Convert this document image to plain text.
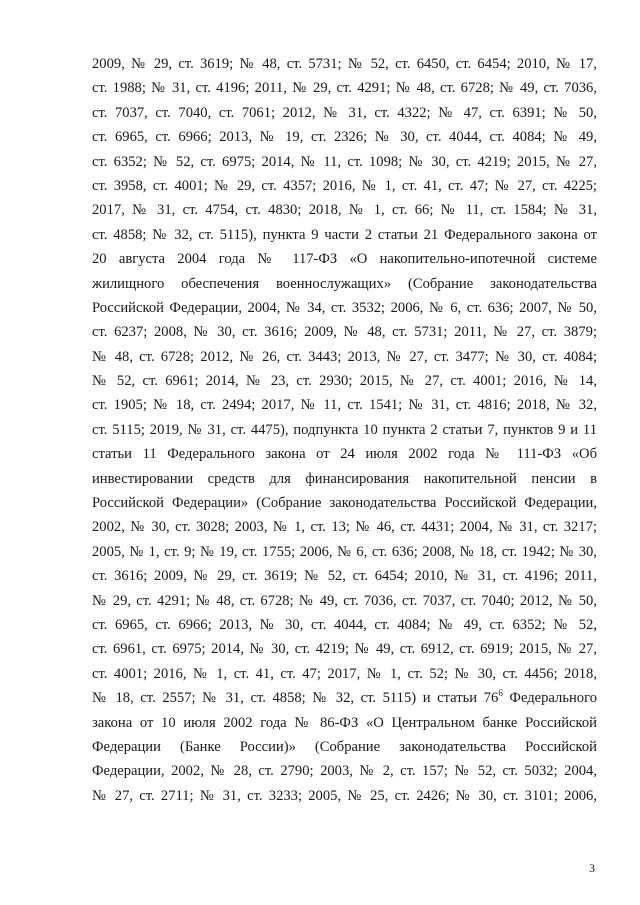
2009, № 29, ст. 3619; № 48, ст. 5731; № 52, ст. 6450, ст. 6454; 2010, № 17,
ст. 1988; № 31, ст. 4196; 2011, № 29, ст. 4291; № 48, ст. 6728; № 49, ст. 7036,
ст. 7037, ст. 7040, ст. 7061; 2012, № 31, ст. 4322; № 47, ст. 6391; № 50,
ст. 6965, ст. 6966; 2013, № 19, ст. 2326; № 30, ст. 4044, ст. 4084; № 49,
ст. 6352; № 52, ст. 6975; 2014, № 11, ст. 1098; № 30, ст. 4219; 2015, № 27,
ст. 3958, ст. 4001; № 29, ст. 4357; 2016, № 1, ст. 41, ст. 47; № 27, ст. 4225;
2017, № 31, ст. 4754, ст. 4830; 2018, № 1, ст. 66; № 11, ст. 1584; № 31,
ст. 4858; № 32, ст. 5115), пункта 9 части 2 статьи 21 Федерального закона от
20 августа 2004 года № 117-ФЗ «О накопительно-ипотечной системе
жилищного обеспечения военнослужащих» (Собрание законодательства
Российской Федерации, 2004, № 34, ст. 3532; 2006, № 6, ст. 636; 2007, № 50,
ст. 6237; 2008, № 30, ст. 3616; 2009, № 48, ст. 5731; 2011, № 27, ст. 3879;
№ 48, ст. 6728; 2012, № 26, ст. 3443; 2013, № 27, ст. 3477; № 30, ст. 4084;
№ 52, ст. 6961; 2014, № 23, ст. 2930; 2015, № 27, ст. 4001; 2016, № 14,
ст. 1905; № 18, ст. 2494; 2017, № 11, ст. 1541; № 31, ст. 4816; 2018, № 32,
ст. 5115; 2019, № 31, ст. 4475), подпункта 10 пункта 2 статьи 7, пунктов 9 и 11
статьи 11 Федерального закона от 24 июля 2002 года № 111-ФЗ «Об
инвестировании средств для финансирования накопительной пенсии в
Российской Федерации» (Собрание законодательства Российской Федерации,
2002, № 30, ст. 3028; 2003, № 1, ст. 13; № 46, ст. 4431; 2004, № 31, ст. 3217;
2005, № 1, ст. 9; № 19, ст. 1755; 2006, № 6, ст. 636; 2008, № 18, ст. 1942; № 30,
ст. 3616; 2009, № 29, ст. 3619; № 52, ст. 6454; 2010, № 31, ст. 4196; 2011,
№ 29, ст. 4291; № 48, ст. 6728; № 49, ст. 7036, ст. 7037, ст. 7040; 2012, № 50,
ст. 6965, ст. 6966; 2013, № 30, ст. 4044, ст. 4084; № 49, ст. 6352; № 52,
ст. 6961, ст. 6975; 2014, № 30, ст. 4219; № 49, ст. 6912, ст. 6919; 2015, № 27,
ст. 4001; 2016, № 1, ст. 41, ст. 47; 2017, № 1, ст. 52; № 30, ст. 4456; 2018,
№ 18, ст. 2557; № 31, ст. 4858; № 32, ст. 5115) и статьи $76^6$ Федерального
законa от 10 июля 2002 года № 86-ФЗ «О Центральном банке Российской
Федерации (Банке России)» (Собрание законодательства Российской
Федерации, 2002, № 28, ст. 2790; 2003, № 2, ст. 157; № 52, ст. 5032; 2004,
№ 27, ст. 2711; № 31, ст. 3233; 2005, № 25, ст. 2426; № 30, ст. 3101; 2006,
3
